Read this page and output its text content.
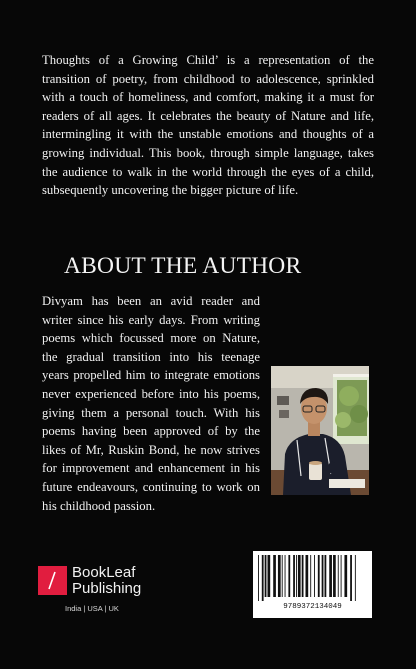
Thoughts of a Growing Child’ is a representation of the transition of poetry, from childhood to adolescence, sprinkled with a touch of homeliness, and comfort, making it a must for readers of all ages. It celebrates the beauty of Nature and life, intermingling it with the unstable emotions and thoughts of a growing individual. This book, through simple language, takes the audience to walk in the world through the eyes of a child, subsequently uncovering the bigger picture of life.

ABOUT THE AUTHOR

Divyam has been an avid reader and writer since his early days. From writing poems which focussed more on Nature, the gradual transition into his teenage years propelled him to integrate emotions never experienced before into his poems, giving them a personal touch. With his poems having been approved of by the likes of Mr, Ruskin Bond, he now strives for improvement and enhancement in his future endeavours, continuing to work on his childhood passion.

BookLeaf
Publishing
India | USA | UK	9789372134049
